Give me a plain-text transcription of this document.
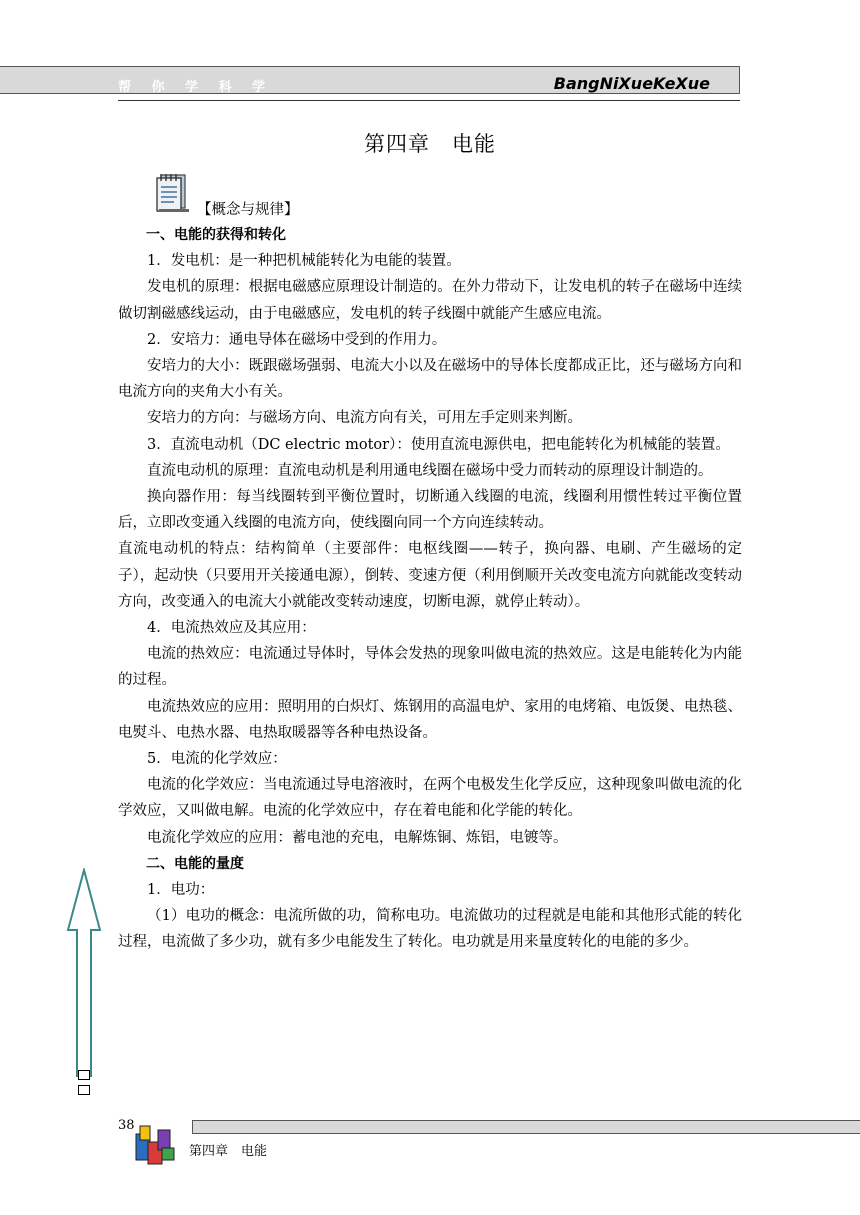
帮 你 学 科 学	BangNiXueKeXue
第四章　电能
【概念与规律】

一、电能的获得和转化

1．发电机：是一种把机械能转化为电能的装置。

发电机的原理：根据电磁感应原理设计制造的。在外力带动下，让发电机的转子在磁场中连续做切割磁感线运动，由于电磁感应，发电机的转子线圈中就能产生感应电流。

2．安培力：通电导体在磁场中受到的作用力。

安培力的大小：既跟磁场强弱、电流大小以及在磁场中的导体长度都成正比，还与磁场方向和电流方向的夹角大小有关。

安培力的方向：与磁场方向、电流方向有关，可用左手定则来判断。

3．直流电动机（DC electric motor）：使用直流电源供电，把电能转化为机械能的装置。

直流电动机的原理：直流电动机是利用通电线圈在磁场中受力而转动的原理设计制造的。

换向器作用：每当线圈转到平衡位置时，切断通入线圈的电流，线圈利用惯性转过平衡位置后，立即改变通入线圈的电流方向，使线圈向同一个方向连续转动。

直流电动机的特点：结构简单（主要部件：电枢线圈——转子，换向器、电刷、产生磁场的定子），起动快（只要用开关接通电源），倒转、变速方便（利用倒顺开关改变电流方向就能改变转动方向，改变通入的电流大小就能改变转动速度，切断电源，就停止转动）。

4．电流热效应及其应用：

电流的热效应：电流通过导体时，导体会发热的现象叫做电流的热效应。这是电能转化为内能的过程。

电流热效应的应用：照明用的白炽灯、炼钢用的高温电炉、家用的电烤箱、电饭煲、电热毯、电熨斗、电热水器、电热取暖器等各种电热设备。

5．电流的化学效应：

电流的化学效应：当电流通过导电溶液时，在两个电极发生化学反应，这种现象叫做电流的化学效应，又叫做电解。电流的化学效应中，存在着电能和化学能的转化。

电流化学效应的应用：蓄电池的充电，电解炼铜、炼铝，电镀等。

二、电能的量度

1．电功：

（1）电功的概念：电流所做的功，简称电功。电流做功的过程就是电能和其他形式能的转化过程，电流做了多少功，就有多少电能发生了转化。电功就是用来量度转化的电能的多少。

38
第四章　电能
